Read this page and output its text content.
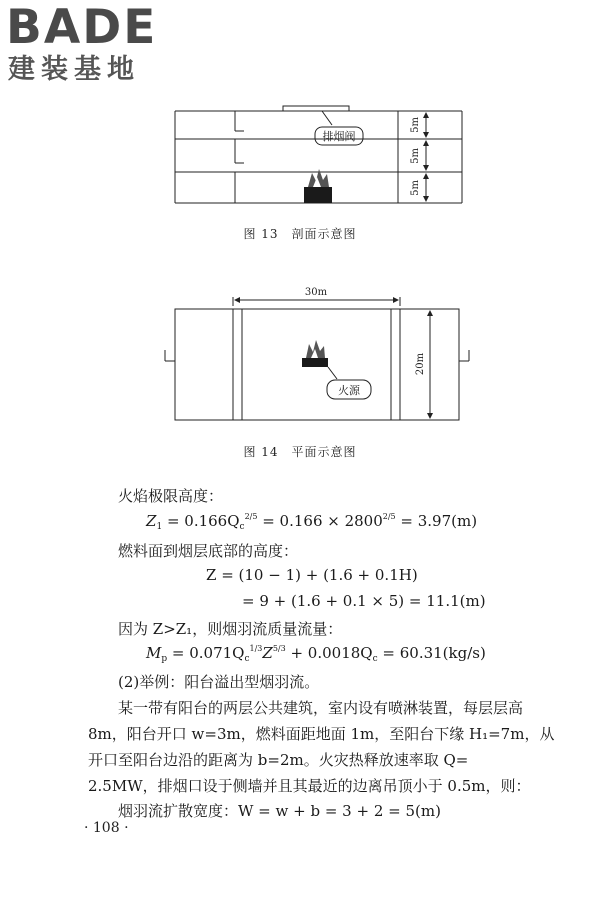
BADE
建装基地
排烟阀
5m
5m
5m
图 13　剖面示意图
30m
20m
火源
图 14　平面示意图
火焰极限高度：
$Z_1 = 0.166Q_c^{2/5} = 0.166 \times 2800^{2/5} = 3.97(m)$
燃料面到烟层底部的高度：
Z = (10 − 1) + (1.6 + 0.1H)
= 9 + (1.6 + 0.1 × 5) = 11.1(m)
因为 Z>Z₁，则烟羽流质量流量：
$M_p = 0.071Q_c^{1/3}Z^{5/3} + 0.0018Q_c = 60.31(kg/s)$
(2)举例：阳台溢出型烟羽流。
某一带有阳台的两层公共建筑，室内设有喷淋装置，每层层高
8m，阳台开口 w=3m，燃料面距地面 1m，至阳台下缘 H₁=7m，从
开口至阳台边沿的距离为 b=2m。火灾热释放速率取 Q=
2.5MW，排烟口设于侧墙并且其最近的边离吊顶小于 0.5m，则：
烟羽流扩散宽度：W = w + b = 3 + 2 = 5(m)
· 108 ·
